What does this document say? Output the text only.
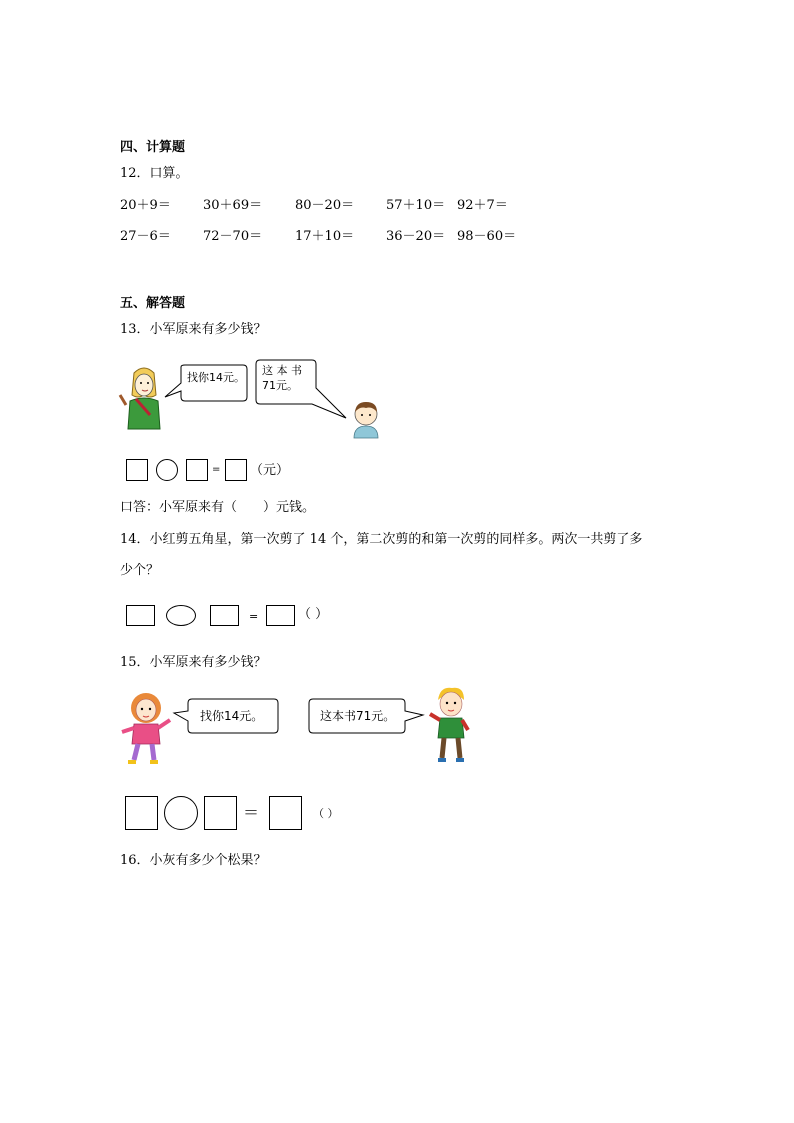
四、计算题
12．口算。
20＋9＝ 30＋69＝	80－20＝ 57＋10＝ 92＋7＝
27－6＝ 72－70＝	17＋10＝ 36－20＝ 98－60＝
五、解答题
13．小军原来有多少钱？
找你14元。
这 本 书
71元。
= （元）
口答：小军原来有（　　）元钱。
14．小红剪五角星，第一次剪了 14 个，第二次剪的和第一次剪的同样多。两次一共剪了多
少个？
=	（ ）
15．小军原来有多少钱？
找你14元。	这本书71元。
＝	（ ）
16．小灰有多少个松果？
